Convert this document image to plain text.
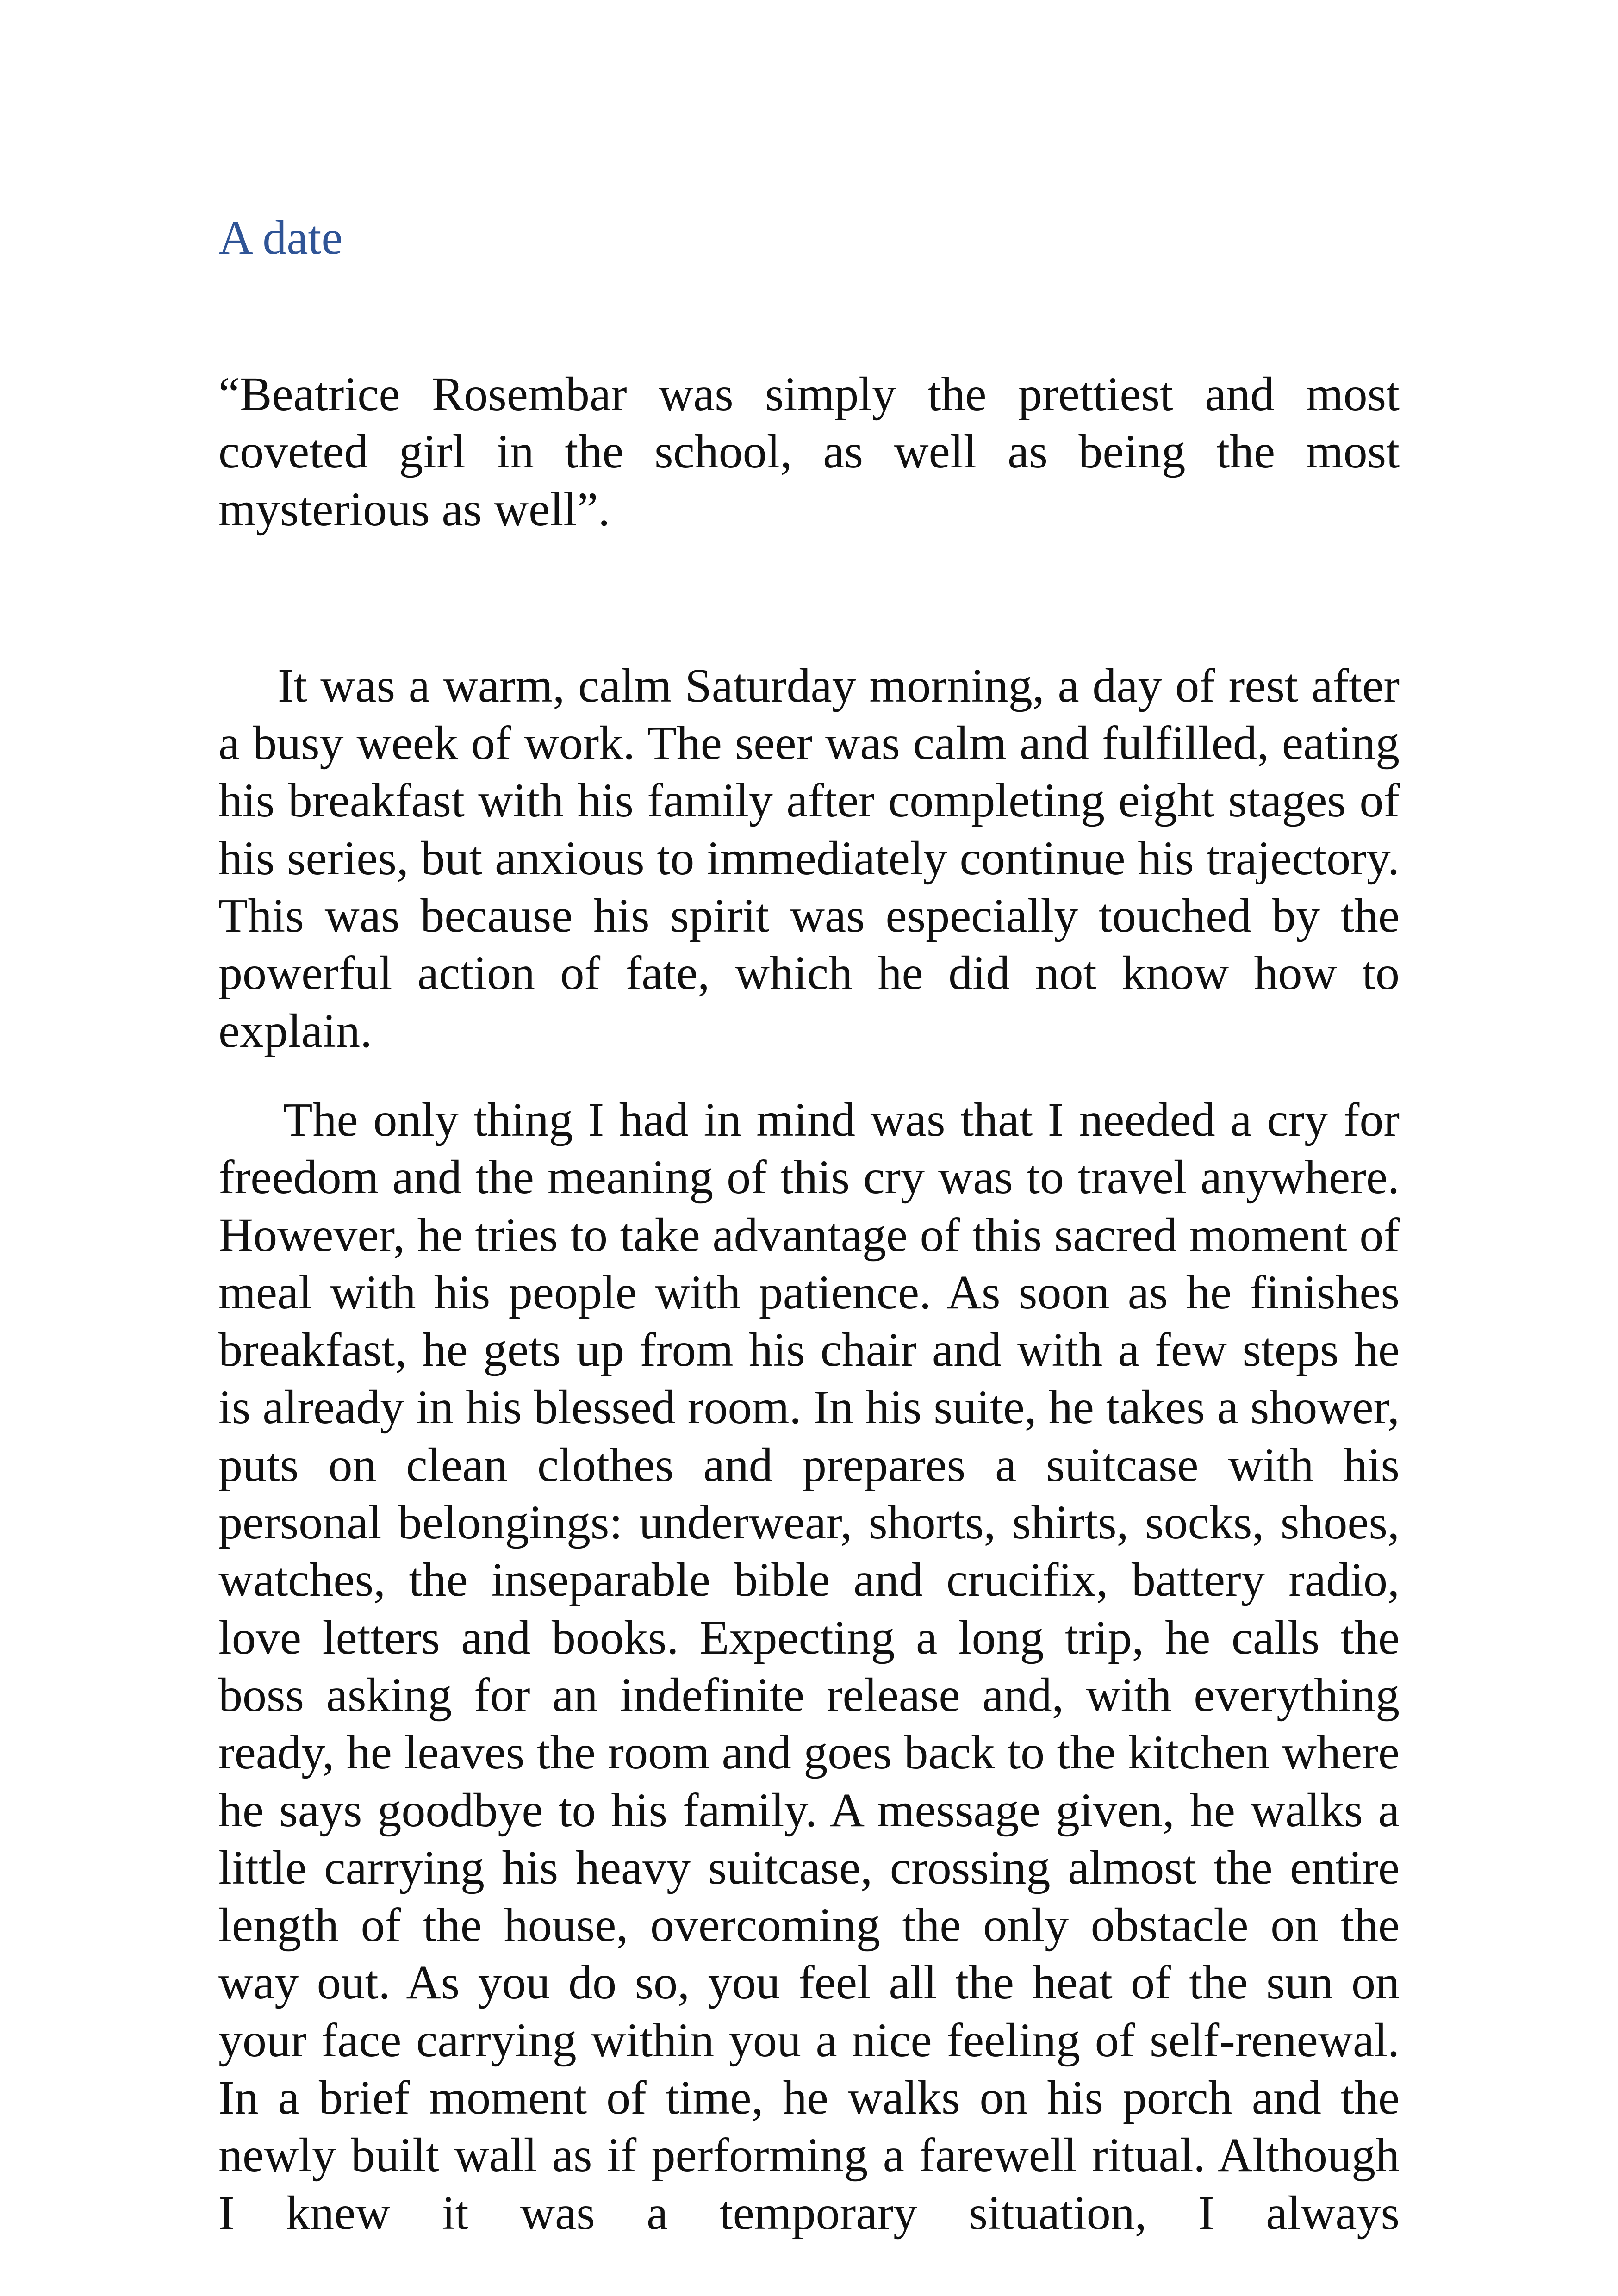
A date

“Beatrice Rosembar was simply the prettiest and most coveted girl in the school, as well as being the most mysterious as well”.

It was a warm, calm Saturday morning, a day of rest after a busy week of work. The seer was calm and fulfilled, eating his breakfast with his family after completing eight stages of his series, but anxious to immediately continue his trajectory. This was because his spirit was especially touched by the powerful action of fate, which he did not know how to explain.

The only thing I had in mind was that I needed a cry for freedom and the meaning of this cry was to travel anywhere. However, he tries to take advantage of this sacred moment of meal with his people with patience. As soon as he finishes breakfast, he gets up from his chair and with a few steps he is already in his blessed room. In his suite, he takes a shower, puts on clean clothes and prepares a suitcase with his personal belongings: underwear, shorts, shirts, socks, shoes, watches, the inseparable bible and crucifix, battery radio, love letters and books. Expecting a long trip, he calls the boss asking for an indefinite release and, with everything ready, he leaves the room and goes back to the kitchen where he says goodbye to his family. A message given, he walks a little carrying his heavy suitcase, crossing almost the entire length of the house, overcoming the only obstacle on the way out. As you do so, you feel all the heat of the sun on your face carrying within you a nice feeling of self-renewal. In a brief moment of time, he walks on his porch and the newly built wall as if performing a farewell ritual. Although I knew it was a temporary situation, I always
